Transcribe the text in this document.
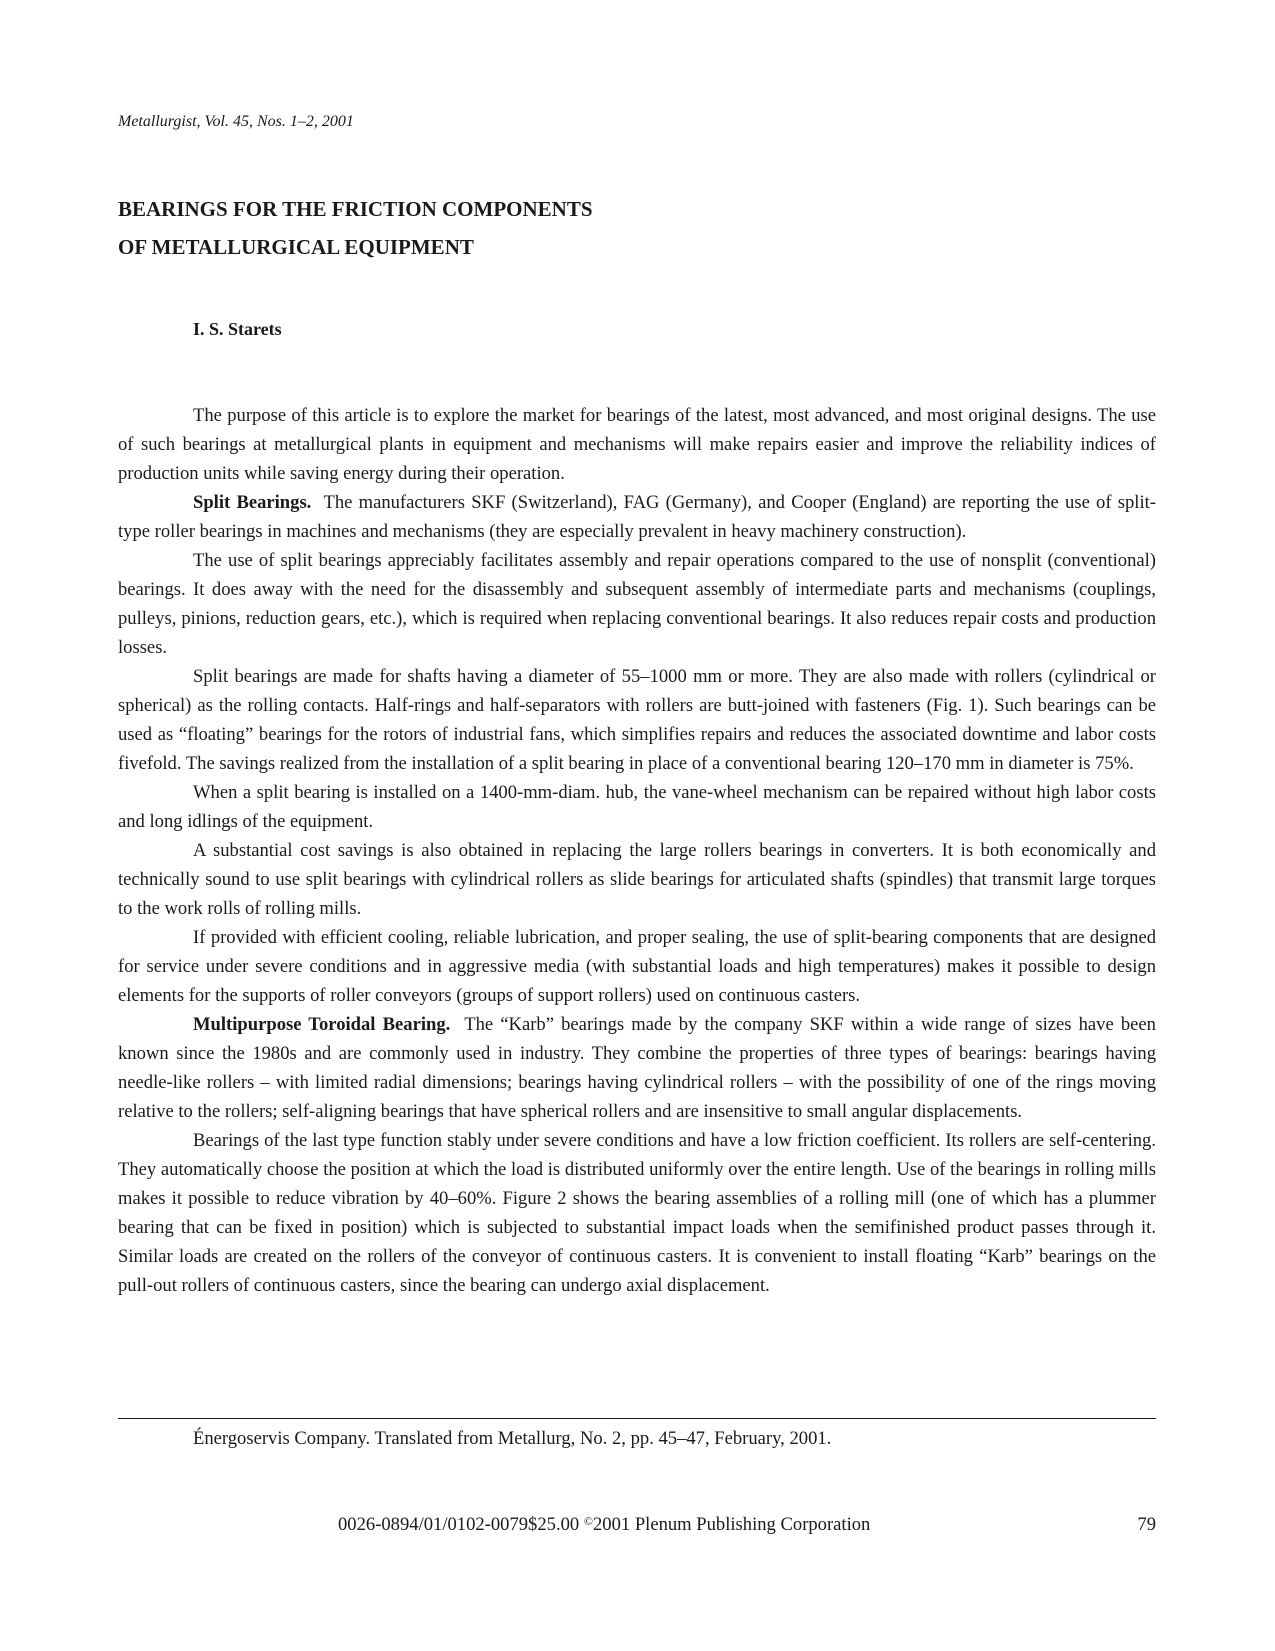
Metallurgist, Vol. 45, Nos. 1–2, 2001
BEARINGS FOR THE FRICTION COMPONENTS
OF METALLURGICAL EQUIPMENT
I. S. Starets

The purpose of this article is to explore the market for bearings of the latest, most advanced, and most original designs. The use of such bearings at metallurgical plants in equipment and mechanisms will make repairs easier and improve the reliability indices of production units while saving energy during their operation.

Split Bearings. The manufacturers SKF (Switzerland), FAG (Germany), and Cooper (England) are reporting the use of split-type roller bearings in machines and mechanisms (they are especially prevalent in heavy machinery construction).

The use of split bearings appreciably facilitates assembly and repair operations compared to the use of nonsplit (conventional) bearings. It does away with the need for the disassembly and subsequent assembly of intermediate parts and mechanisms (couplings, pulleys, pinions, reduction gears, etc.), which is required when replacing conventional bearings. It also reduces repair costs and production losses.

Split bearings are made for shafts having a diameter of 55–1000 mm or more. They are also made with rollers (cylindrical or spherical) as the rolling contacts. Half-rings and half-separators with rollers are butt-joined with fasteners (Fig. 1). Such bearings can be used as “floating” bearings for the rotors of industrial fans, which simplifies repairs and reduces the associated downtime and labor costs fivefold. The savings realized from the installation of a split bearing in place of a conventional bearing 120–170 mm in diameter is 75%.

When a split bearing is installed on a 1400-mm-diam. hub, the vane-wheel mechanism can be repaired without high labor costs and long idlings of the equipment.

A substantial cost savings is also obtained in replacing the large rollers bearings in converters. It is both economically and technically sound to use split bearings with cylindrical rollers as slide bearings for articulated shafts (spindles) that transmit large torques to the work rolls of rolling mills.

If provided with efficient cooling, reliable lubrication, and proper sealing, the use of split-bearing components that are designed for service under severe conditions and in aggressive media (with substantial loads and high temperatures) makes it possible to design elements for the supports of roller conveyors (groups of support rollers) used on continuous casters.

Multipurpose Toroidal Bearing. The “Karb” bearings made by the company SKF within a wide range of sizes have been known since the 1980s and are commonly used in industry. They combine the properties of three types of bearings: bearings having needle-like rollers – with limited radial dimensions; bearings having cylindrical rollers – with the possibility of one of the rings moving relative to the rollers; self-aligning bearings that have spherical rollers and are insensitive to small angular displacements.

Bearings of the last type function stably under severe conditions and have a low friction coefficient. Its rollers are self-centering. They automatically choose the position at which the load is distributed uniformly over the entire length. Use of the bearings in rolling mills makes it possible to reduce vibration by 40–60%. Figure 2 shows the bearing assemblies of a rolling mill (one of which has a plummer bearing that can be fixed in position) which is subjected to substantial impact loads when the semifinished product passes through it. Similar loads are created on the rollers of the conveyor of continuous casters. It is convenient to install floating “Karb” bearings on the pull-out rollers of continuous casters, since the bearing can undergo axial displacement.

Énergoservis Company. Translated from Metallurg, No. 2, pp. 45–47, February, 2001.
0026-0894/01/0102-0079$25.00 ©2001 Plenum Publishing Corporation	79
